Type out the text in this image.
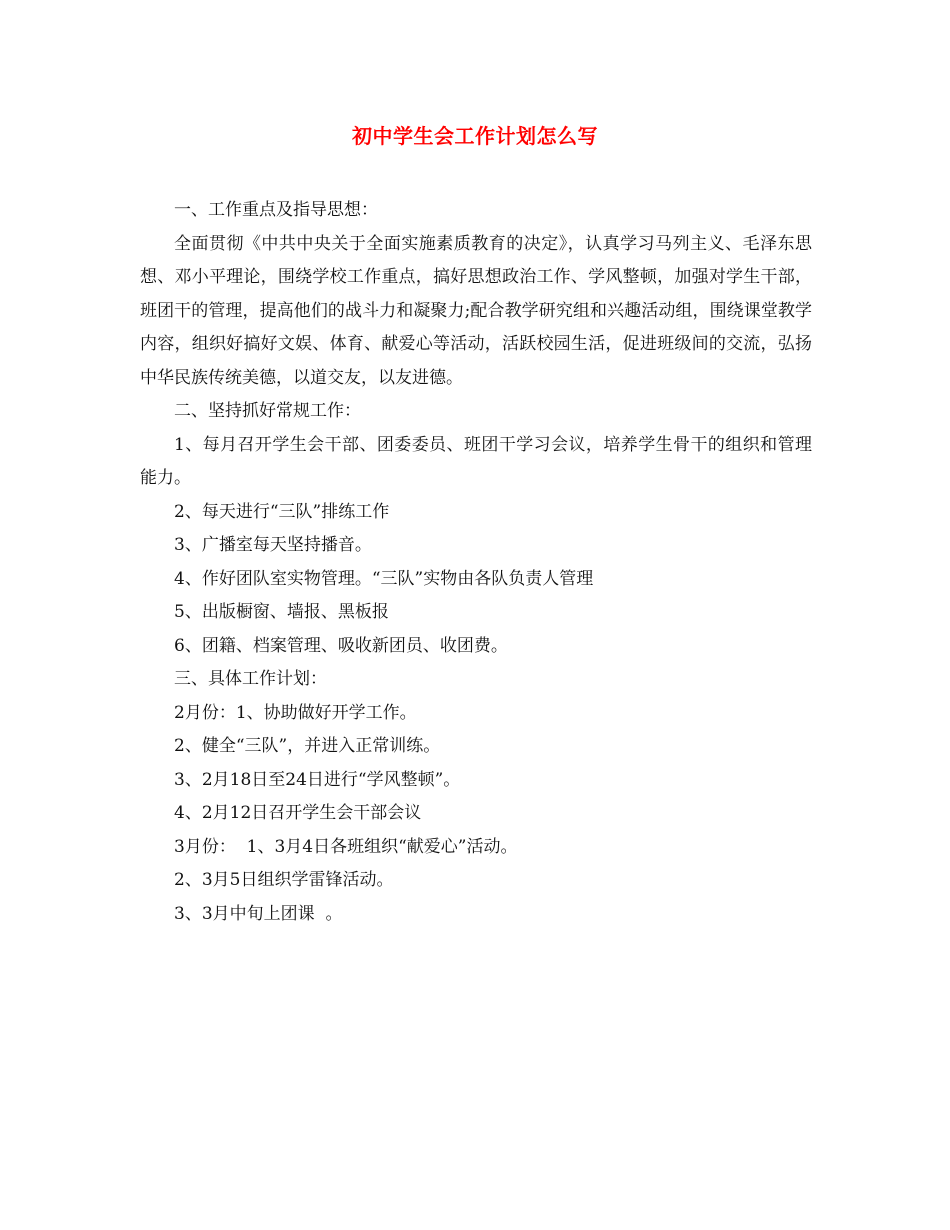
初中学生会工作计划怎么写

一、工作重点及指导思想：

全面贯彻《中共中央关于全面实施素质教育的决定》，认真学习马列主义、毛泽东思想、邓小平理论，围绕学校工作重点，搞好思想政治工作、学风整顿，加强对学生干部，班团干的管理，提高他们的战斗力和凝聚力;配合教学研究组和兴趣活动组，围绕课堂教学内容，组织好搞好文娱、体育、献爱心等活动，活跃校园生活，促进班级间的交流，弘扬中华民族传统美德，以道交友，以友进德。

二、坚持抓好常规工作：

1、每月召开学生会干部、团委委员、班团干学习会议，培养学生骨干的组织和管理能力。

2、每天进行“三队”排练工作

3、广播室每天坚持播音。

4、作好团队室实物管理。“三队”实物由各队负责人管理

5、出版橱窗、墙报、黑板报

6、团籍、档案管理、吸收新团员、收团费。

三、具体工作计划：

2月份：1、协助做好开学工作。

2、健全“三队”，并进入正常训练。

3、2月18日至24日进行“学风整顿”。

4、2月12日召开学生会干部会议

3月份：  1、3月4日各班组织“献爱心”活动。

2、3月5日组织学雷锋活动。

3、3月中旬上团课  。
